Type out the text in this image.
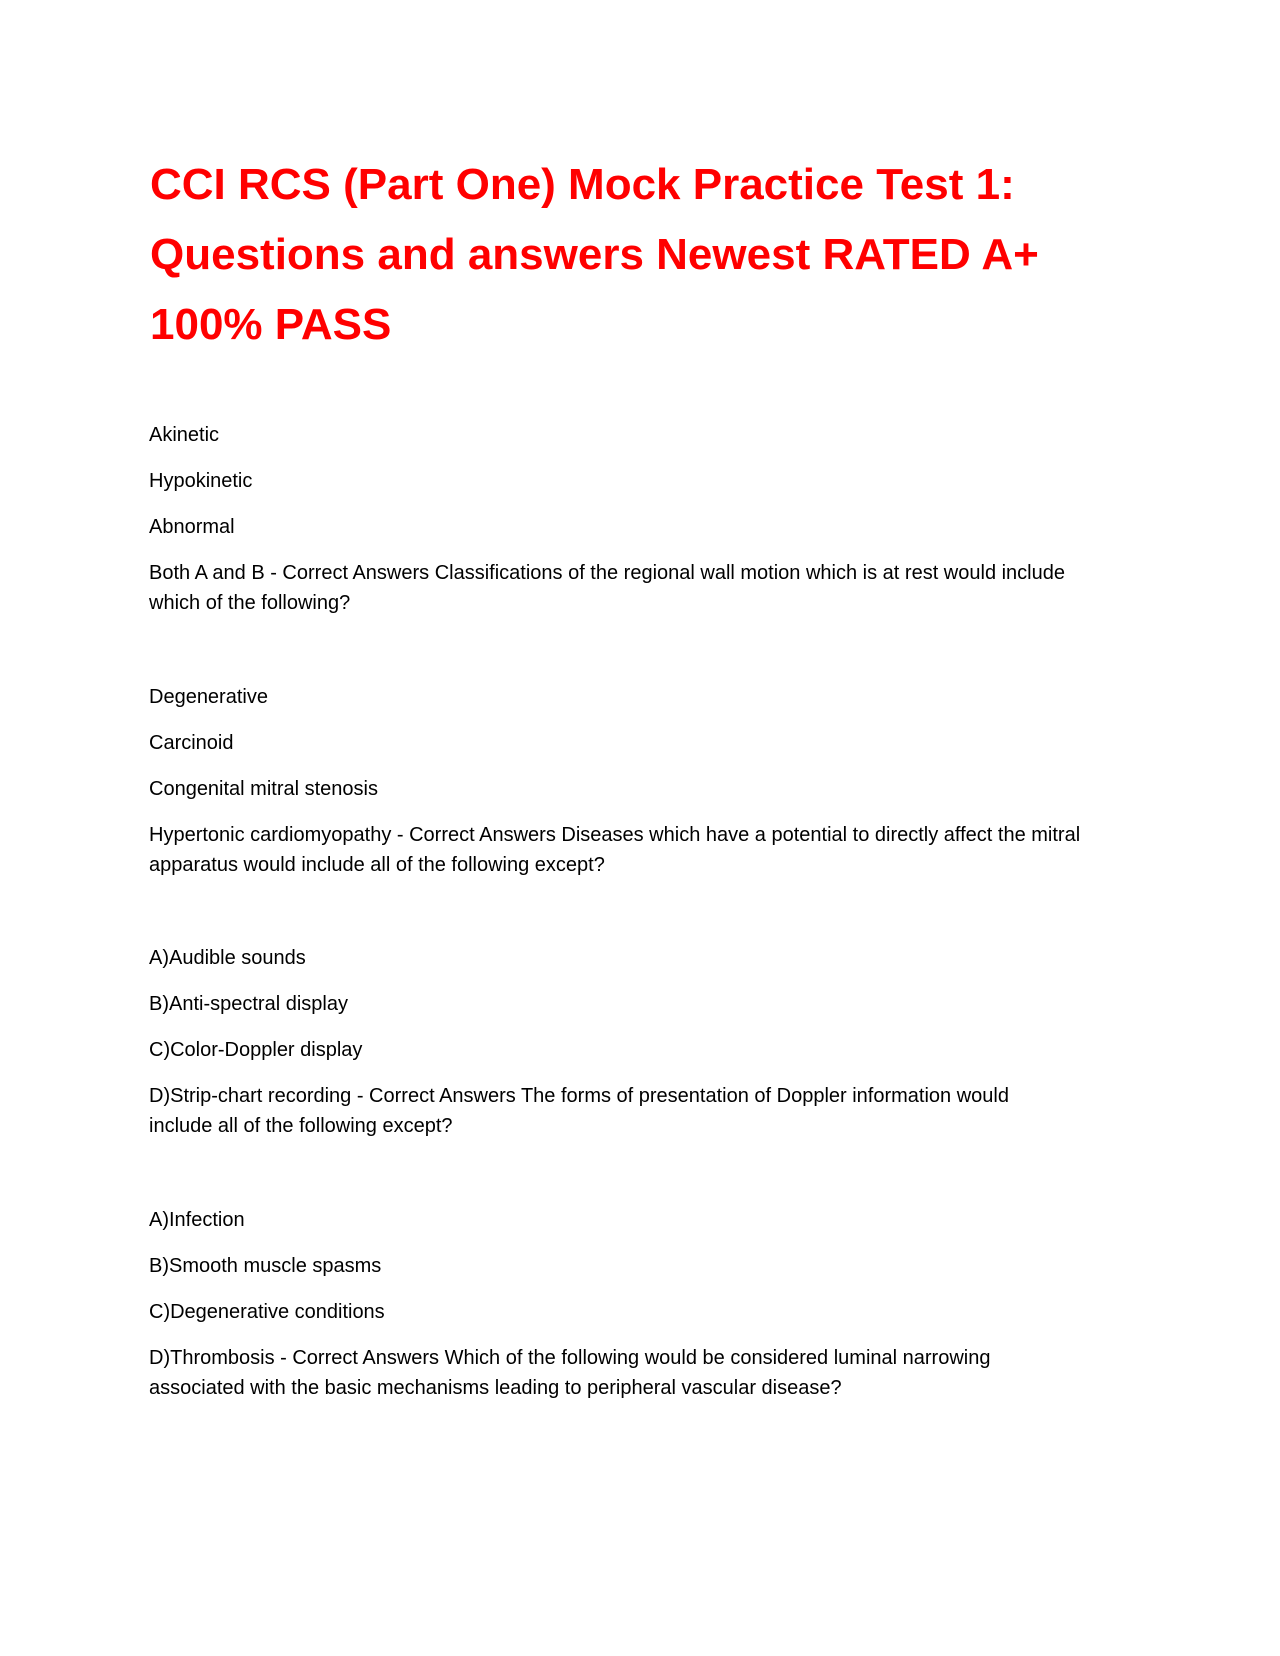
CCI RCS (Part One) Mock Practice Test 1:
Questions and answers Newest RATED A+
100% PASS
Akinetic
Hypokinetic
Abnormal
Both A and B - Correct Answers Classifications of the regional wall motion which is at rest would include
which of the following?
Degenerative
Carcinoid
Congenital mitral stenosis
Hypertonic cardiomyopathy - Correct Answers Diseases which have a potential to directly affect the mitral
apparatus would include all of the following except?
A)Audible sounds
B)Anti-spectral display
C)Color-Doppler display
D)Strip-chart recording - Correct Answers The forms of presentation of Doppler information would
include all of the following except?
A)Infection
B)Smooth muscle spasms
C)Degenerative conditions
D)Thrombosis - Correct Answers Which of the following would be considered luminal narrowing
associated with the basic mechanisms leading to peripheral vascular disease?
